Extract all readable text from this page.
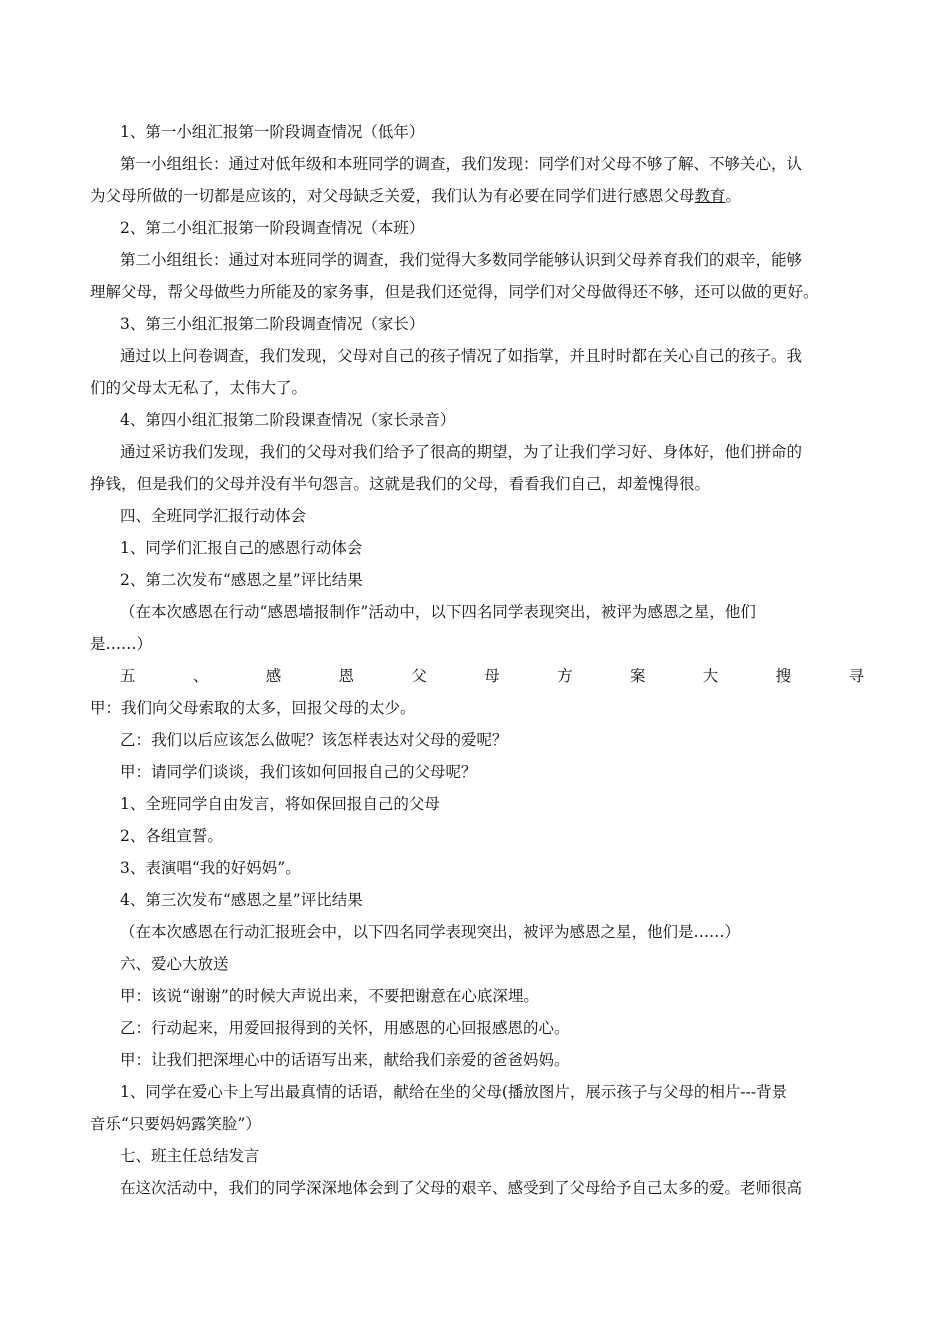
1、第一小组汇报第一阶段调查情况（低年）
第一小组组长：通过对低年级和本班同学的调查，我们发现：同学们对父母不够了解、不够关心，认
为父母所做的一切都是应该的，对父母缺乏关爱，我们认为有必要在同学们进行感恩父母教育。
2、第二小组汇报第一阶段调查情况（本班）
第二小组组长：通过对本班同学的调查，我们觉得大多数同学能够认识到父母养育我们的艰辛，能够
理解父母，帮父母做些力所能及的家务事，但是我们还觉得，同学们对父母做得还不够，还可以做的更好。
3、第三小组汇报第二阶段调查情况（家长）
通过以上问卷调查，我们发现，父母对自己的孩子情况了如指掌，并且时时都在关心自己的孩子。我
们的父母太无私了，太伟大了。
4、第四小组汇报第二阶段课查情况（家长录音）
通过采访我们发现，我们的父母对我们给予了很高的期望，为了让我们学习好、身体好，他们拼命的
挣钱，但是我们的父母并没有半句怨言。这就是我们的父母，看看我们自己，却羞愧得很。
四、全班同学汇报行动体会
1、同学们汇报自己的感恩行动体会
2、第二次发布“感恩之星”评比结果
（在本次感恩在行动“感恩墙报制作”活动中，以下四名同学表现突出，被评为感恩之星，他们
是……）
五	、	感	恩	父	母	方	案	大	搜	寻
甲：我们向父母索取的太多，回报父母的太少。
乙：我们以后应该怎么做呢？该怎样表达对父母的爱呢？
甲：请同学们谈谈，我们该如何回报自己的父母呢？
1、全班同学自由发言，将如保回报自己的父母
2、各组宣誓。
3、表演唱“我的好妈妈”。
4、第三次发布“感恩之星”评比结果
（在本次感恩在行动汇报班会中，以下四名同学表现突出，被评为感恩之星，他们是……）
六、爱心大放送
甲：该说“谢谢”的时候大声说出来，不要把谢意在心底深埋。
乙：行动起来，用爱回报得到的关怀，用感恩的心回报感恩的心。
甲：让我们把深埋心中的话语写出来，献给我们亲爱的爸爸妈妈。
1、同学在爱心卡上写出最真情的话语，献给在坐的父母(播放图片，展示孩子与父母的相片---背景
音乐“只要妈妈露笑脸”）
七、班主任总结发言
在这次活动中，我们的同学深深地体会到了父母的艰辛、感受到了父母给予自己太多的爱。老师很高
